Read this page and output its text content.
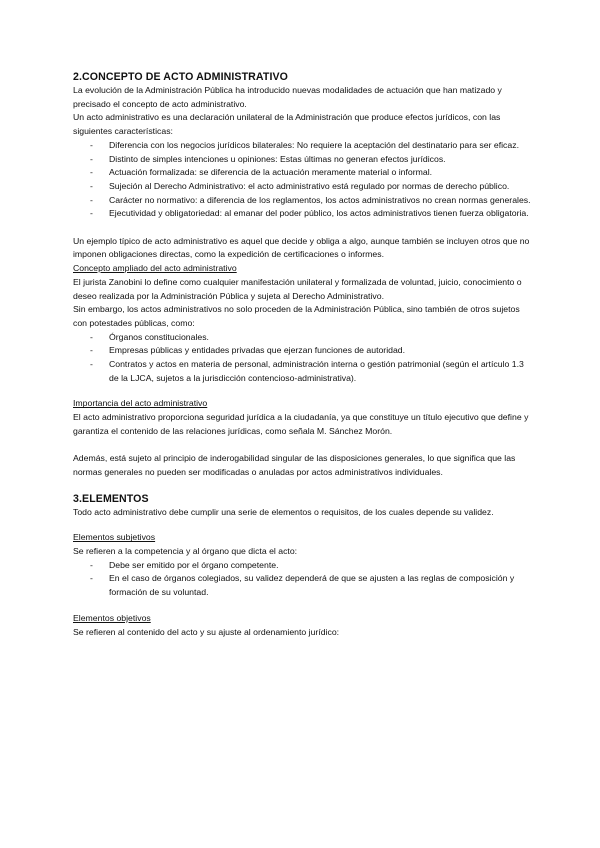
2.CONCEPTO DE ACTO ADMINISTRATIVO

La evolución de la Administración Pública ha introducido nuevas modalidades de actuación que han matizado y precisado el concepto de acto administrativo.

Un acto administrativo es una declaración unilateral de la Administración que produce efectos jurídicos, con las siguientes características:

- Diferencia con los negocios jurídicos bilaterales: No requiere la aceptación del destinatario para ser eficaz.
- Distinto de simples intenciones u opiniones: Estas últimas no generan efectos jurídicos.
- Actuación formalizada: se diferencia de la actuación meramente material o informal.
- Sujeción al Derecho Administrativo: el acto administrativo está regulado por normas de derecho público.
- Carácter no normativo: a diferencia de los reglamentos, los actos administrativos no crean normas generales.
- Ejecutividad y obligatoriedad: al emanar del poder público, los actos administrativos tienen fuerza obligatoria.

Un ejemplo típico de acto administrativo es aquel que decide y obliga a algo, aunque también se incluyen otros que no imponen obligaciones directas, como la expedición de certificaciones o informes.

Concepto ampliado del acto administrativo

El jurista Zanobini lo define como cualquier manifestación unilateral y formalizada de voluntad, juicio, conocimiento o deseo realizada por la Administración Pública y sujeta al Derecho Administrativo.

Sin embargo, los actos administrativos no solo proceden de la Administración Pública, sino también de otros sujetos con potestades públicas, como:

- Órganos constitucionales.
- Empresas públicas y entidades privadas que ejerzan funciones de autoridad.
- Contratos y actos en materia de personal, administración interna o gestión patrimonial (según el artículo 1.3 de la LJCA, sujetos a la jurisdicción contencioso-administrativa).

Importancia del acto administrativo

El acto administrativo proporciona seguridad jurídica a la ciudadanía, ya que constituye un título ejecutivo que define y garantiza el contenido de las relaciones jurídicas, como señala M. Sánchez Morón.

Además, está sujeto al principio de inderogabilidad singular de las disposiciones generales, lo que significa que las normas generales no pueden ser modificadas o anuladas por actos administrativos individuales.

3.ELEMENTOS

Todo acto administrativo debe cumplir una serie de elementos o requisitos, de los cuales depende su validez.

Elementos subjetivos

Se refieren a la competencia y al órgano que dicta el acto:

- Debe ser emitido por el órgano competente.
- En el caso de órganos colegiados, su validez dependerá de que se ajusten a las reglas de composición y formación de su voluntad.

Elementos objetivos

Se refieren al contenido del acto y su ajuste al ordenamiento jurídico:
